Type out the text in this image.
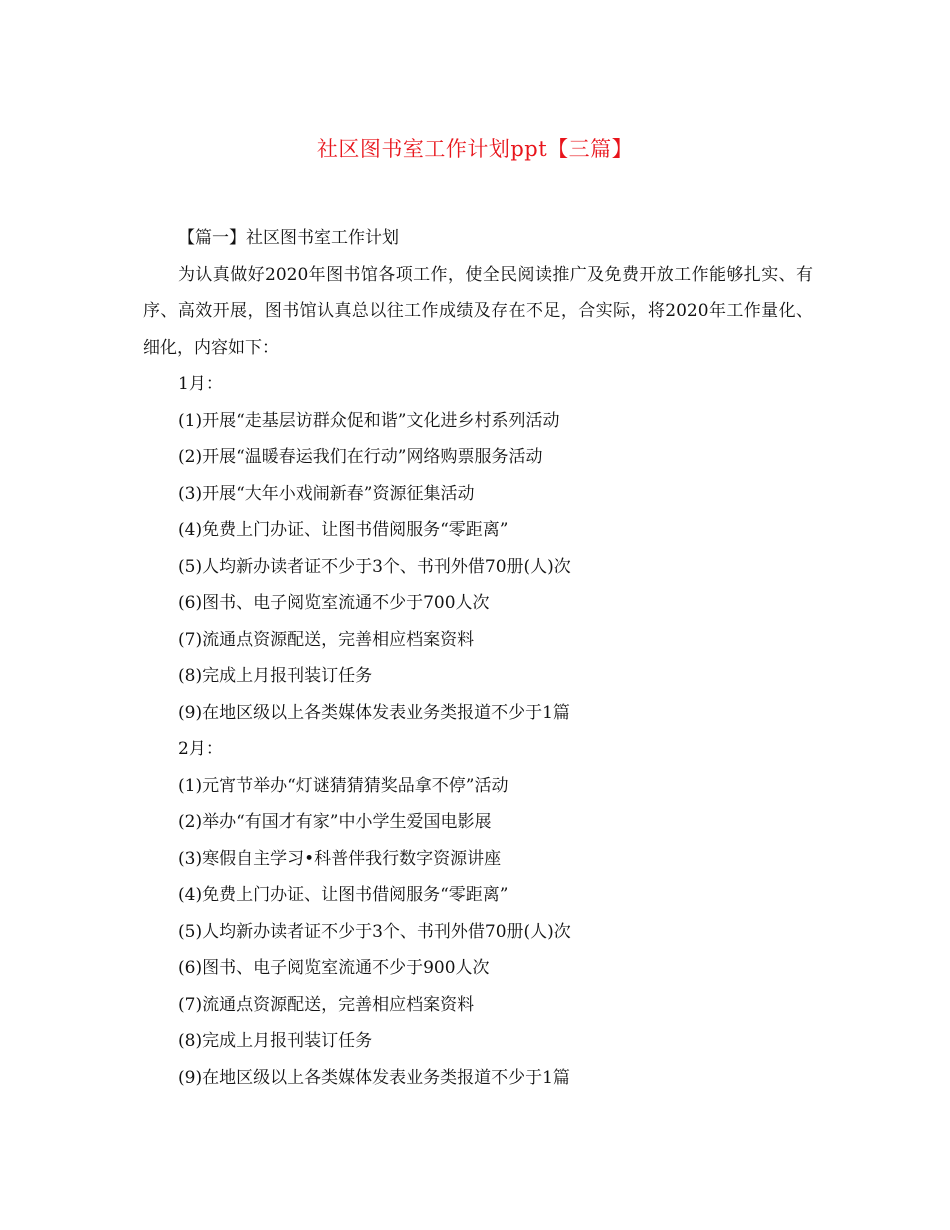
社区图书室工作计划ppt【三篇】
【篇一】社区图书室工作计划

为认真做好2020年图书馆各项工作，使全民阅读推广及免费开放工作能够扎实、有序、高效开展，图书馆认真总以往工作成绩及存在不足，合实际，将2020年工作量化、细化，内容如下：

1月：
(1)开展“走基层访群众促和谐”文化进乡村系列活动
(2)开展“温暖春运我们在行动”网络购票服务活动
(3)开展“大年小戏闹新春”资源征集活动
(4)免费上门办证、让图书借阅服务“零距离”
(5)人均新办读者证不少于3个、书刊外借70册(人)次
(6)图书、电子阅览室流通不少于700人次
(7)流通点资源配送，完善相应档案资料
(8)完成上月报刊装订任务
(9)在地区级以上各类媒体发表业务类报道不少于1篇
2月：
(1)元宵节举办“灯谜猜猜猜奖品拿不停”活动
(2)举办“有国才有家”中小学生爱国电影展
(3)寒假自主学习•科普伴我行数字资源讲座
(4)免费上门办证、让图书借阅服务“零距离”
(5)人均新办读者证不少于3个、书刊外借70册(人)次
(6)图书、电子阅览室流通不少于900人次
(7)流通点资源配送，完善相应档案资料
(8)完成上月报刊装订任务
(9)在地区级以上各类媒体发表业务类报道不少于1篇
